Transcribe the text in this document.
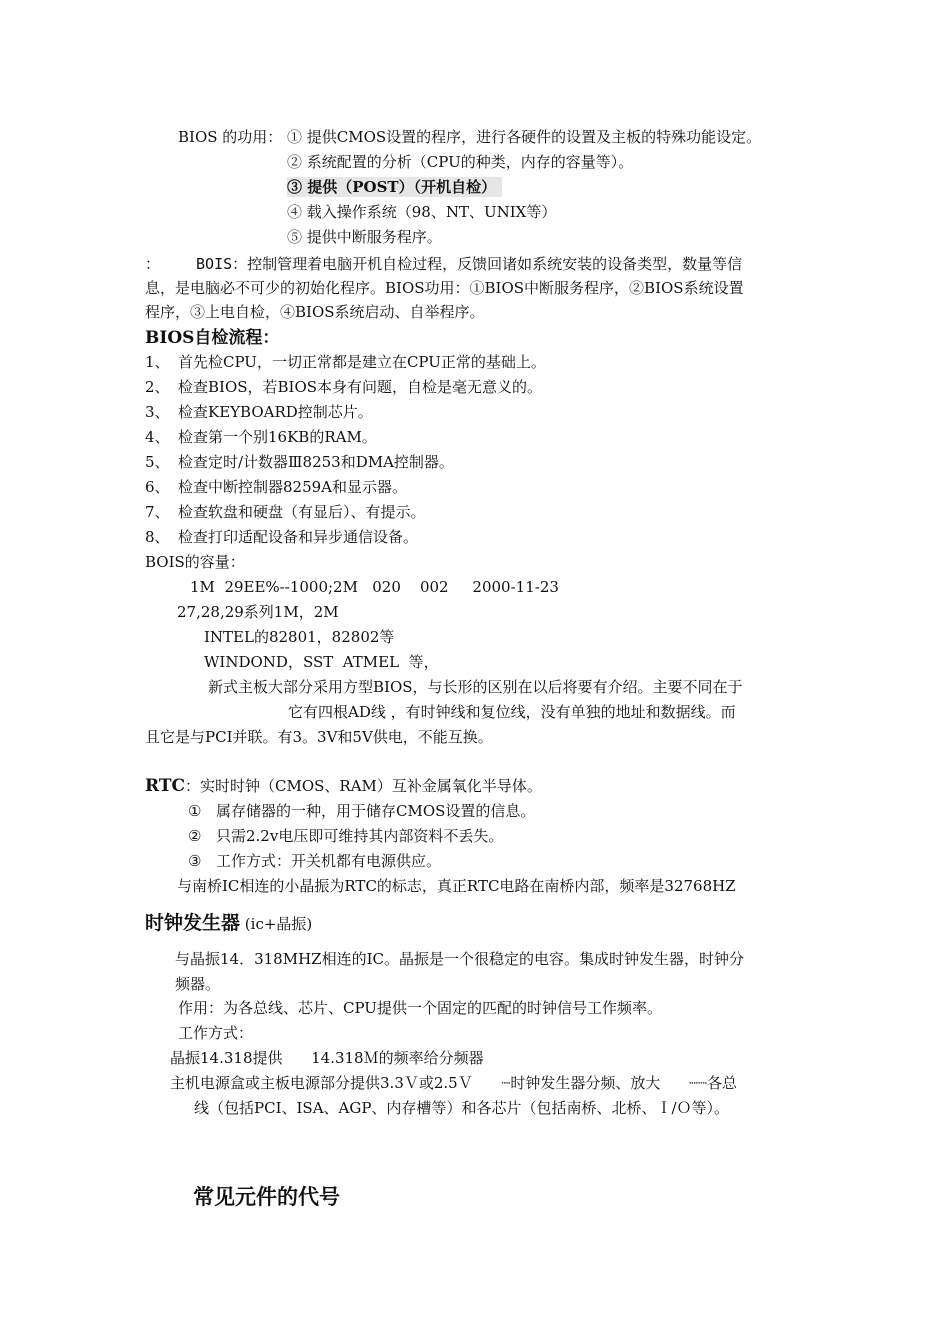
BIOS 的功用： ① 提供CMOS设置的程序，进行各硬件的设置及主板的特殊功能设定。
② 系统配置的分析（CPU的种类，内存的容量等）。
③ 提供（POST）（开机自检）
④ 载入操作系统（98、NT、UNIX等）
⑤ 提供中断服务程序。
： BOIS：控制管理着电脑开机自检过程，反馈回诸如系统安装的设备类型，数量等信
息，是电脑必不可少的初始化程序。BIOS功用：①BIOS中断服务程序，②BIOS系统设置
程序，③上电自检，④BIOS系统启动、自举程序。
BIOS自检流程：
1、 首先检CPU，一切正常都是建立在CPU正常的基础上。
2、 检查BIOS，若BIOS本身有问题，自检是毫无意义的。
3、 检查KEYBOARD控制芯片。
4、 检查第一个别16KB的RAM。
5、 检查定时/计数器Ⅲ8253和DMA控制器。
6、 检查中断控制器8259A和显示器。
7、 检查软盘和硬盘（有显后）、有提示。
8、 检查打印适配设备和异步通信设备。
BOIS的容量：
1M  29EE%--1000;2M   020    002     2000-11-23
27,28,29系列1M，2M
INTEL的82801，82802等
WINDOND，SST  ATMEL  等，
新式主板大部分采用方型BIOS，与长形的区别在以后将要有介绍。主要不同在于
它有四根AD线 ，有时钟线和复位线，没有单独的地址和数据线。而
且它是与PCI并联。有3。3V和5V供电，不能互换。
RTC：实时时钟（CMOS、RAM）互补金属氧化半导体。
① 属存储器的一种，用于储存CMOS设置的信息。
② 只需2.2v电压即可维持其内部资料不丢失。
③ 工作方式：开关机都有电源供应。
与南桥IC相连的小晶振为RTC的标志，真正RTC电路在南桥内部，频率是32768HZ
时钟发生器 (ic+晶振)
与晶振14．318MHZ相连的IC。晶振是一个很稳定的电容。集成时钟发生器，时钟分
频器。
作用：为各总线、芯片、CPU提供一个固定的匹配的时钟信号工作频率。
工作方式：
晶振14.318提供      14.318Ｍ的频率给分频器
主机电源盒或主板电源部分提供3.3Ｖ或2.5Ｖ      ┈时钟发生器分频、放大      ┈┈各总
线（包括PCI、ISA、AGP、内存槽等）和各芯片（包括南桥、北桥、Ｉ/Ｏ等）。
常见元件的代号
